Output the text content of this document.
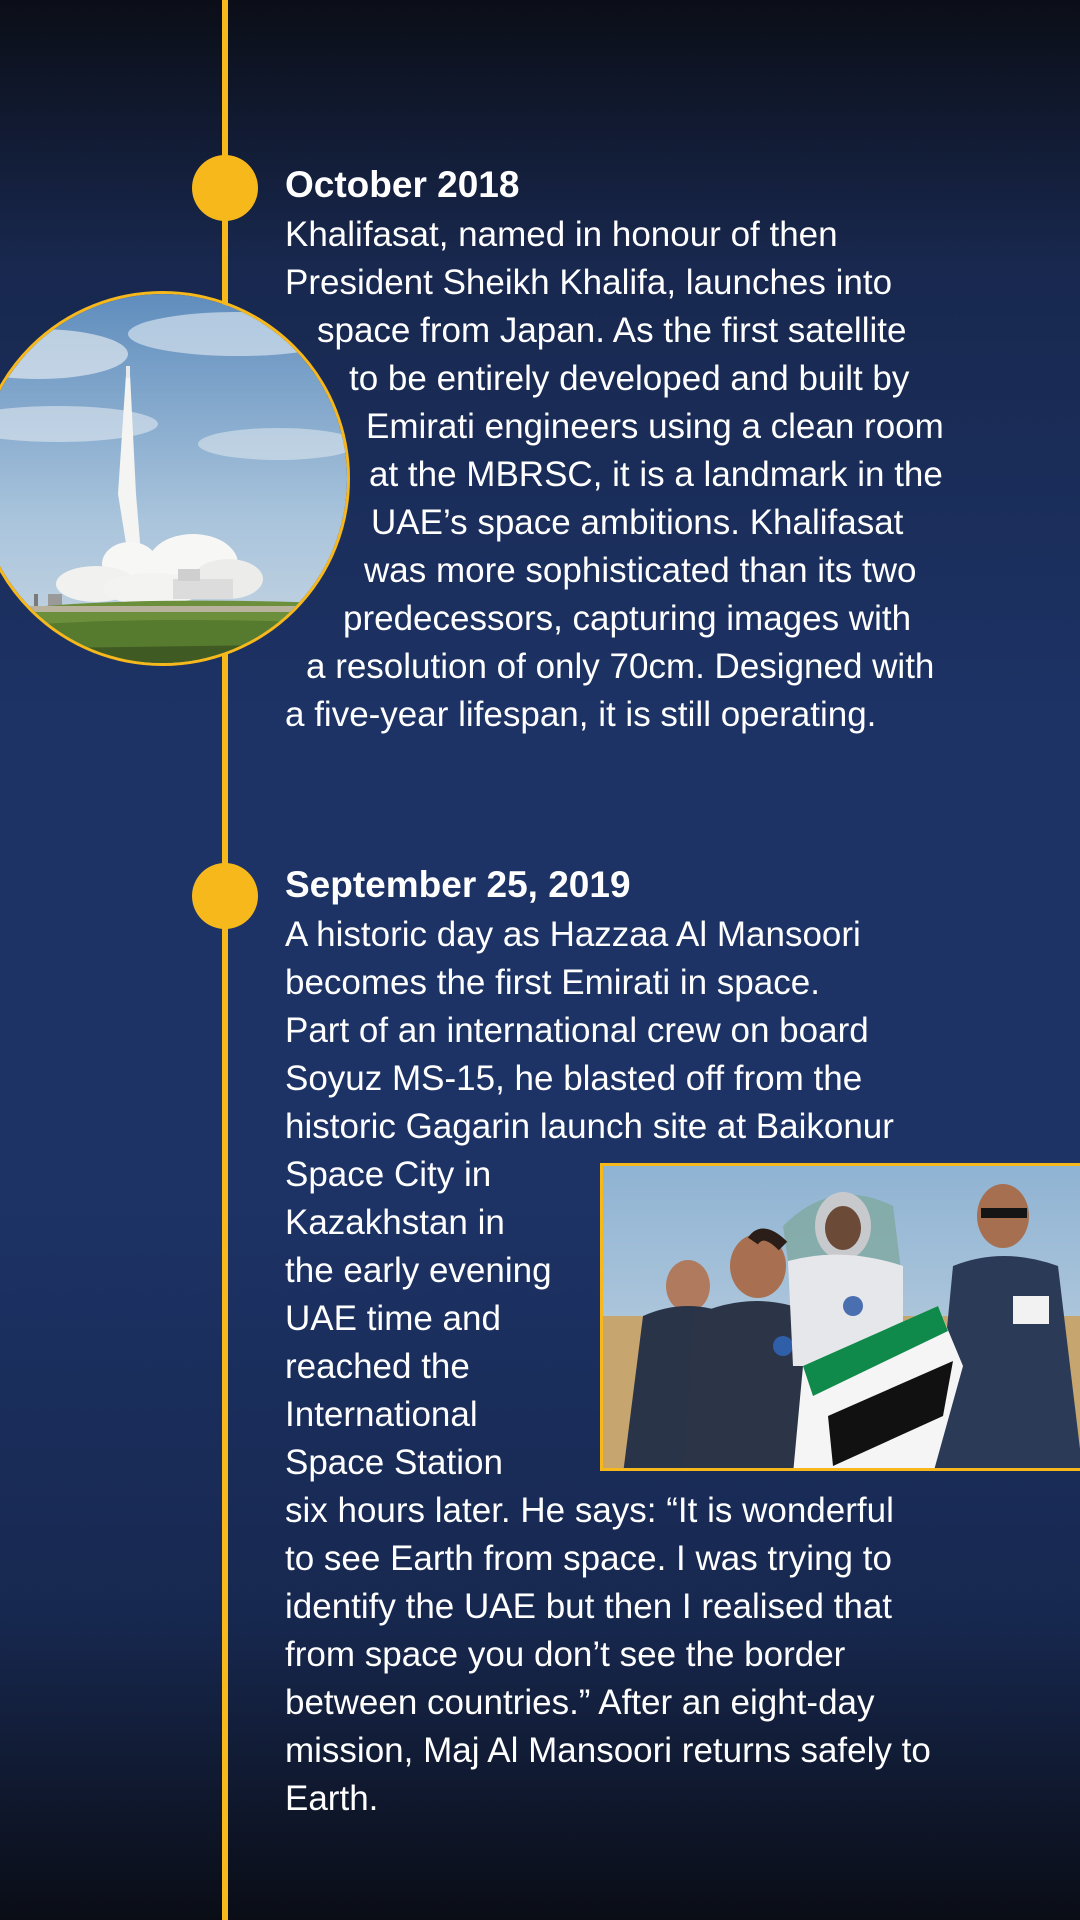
October 2018

Khalifasat, named in honour of then

President Sheikh Khalifa, launches into

space from Japan. As the first satellite

to be entirely developed and built by

Emirati engineers using a clean room

at the MBRSC, it is a landmark in the

UAE’s space ambitions. Khalifasat

was more sophisticated than its two

predecessors, capturing images with

a resolution of only 70cm. Designed with

a five-year lifespan, it is still operating.

September 25, 2019

A historic day as Hazzaa Al Mansoori

becomes the first Emirati in space.

Part of an international crew on board

Soyuz MS-15, he blasted off from the

historic Gagarin launch site at Baikonur

Space City in

Kazakhstan in

the early evening

UAE time and

reached the

International

Space Station

six hours later. He says: “It is wonderful

to see Earth from space. I was trying to

identify the UAE but then I realised that

from space you don’t see the border

between countries.” After an eight-day

mission, Maj Al Mansoori returns safely to

Earth.
